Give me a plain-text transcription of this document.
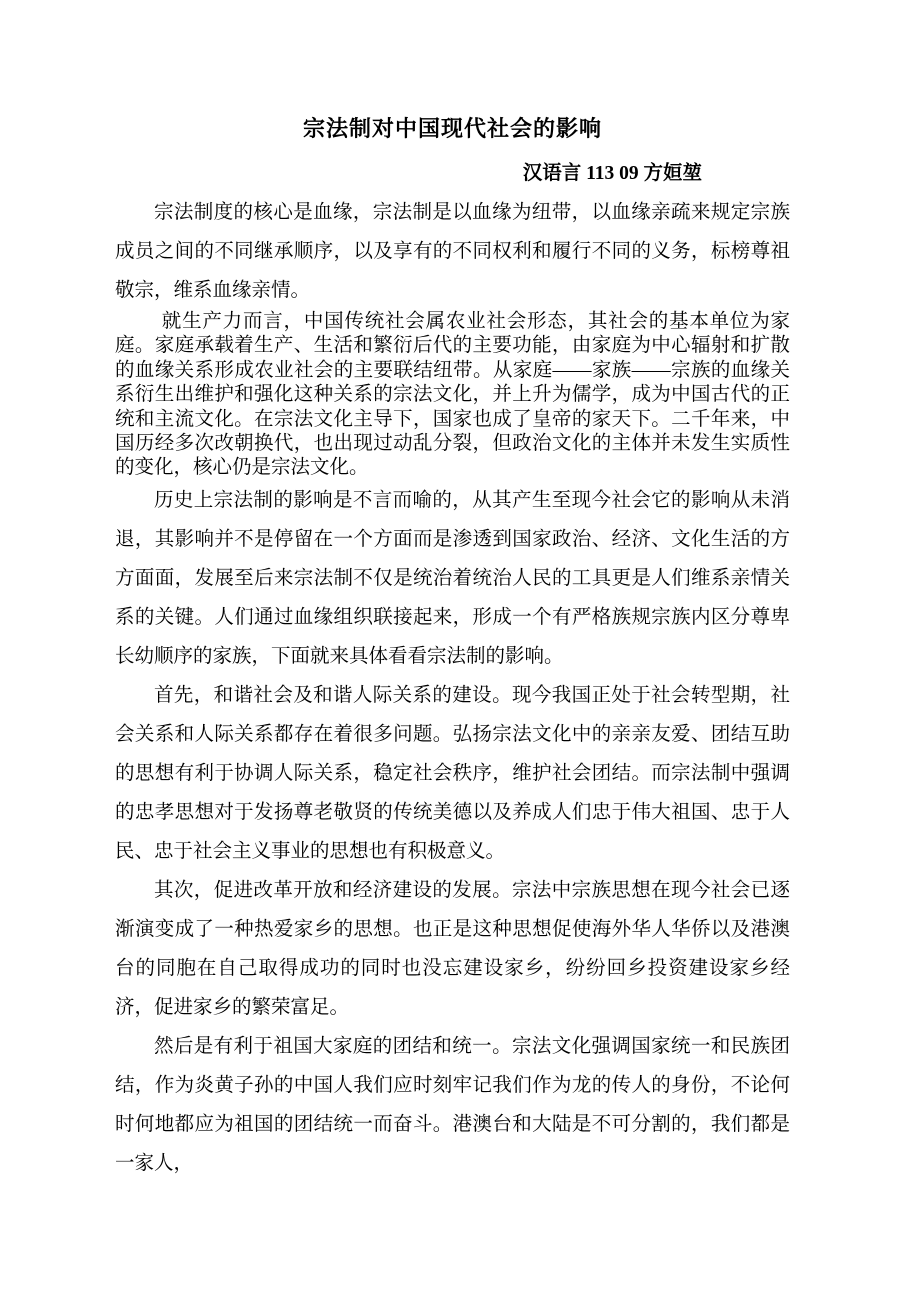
宗法制对中国现代社会的影响
汉语言 113 09 方姮堃

宗法制度的核心是血缘，宗法制是以血缘为纽带，以血缘亲疏来规定宗族成员之间的不同继承顺序，以及享有的不同权利和履行不同的义务，标榜尊祖敬宗，维系血缘亲情。

就生产力而言，中国传统社会属农业社会形态，其社会的基本单位为家庭。家庭承载着生产、生活和繁衍后代的主要功能，由家庭为中心辐射和扩散的血缘关系形成农业社会的主要联结纽带。从家庭——家族——宗族的血缘关系衍生出维护和强化这种关系的宗法文化，并上升为儒学，成为中国古代的正统和主流文化。在宗法文化主导下，国家也成了皇帝的家天下。二千年来，中国历经多次改朝换代，也出现过动乱分裂，但政治文化的主体并未发生实质性的变化，核心仍是宗法文化。

历史上宗法制的影响是不言而喻的，从其产生至现今社会它的影响从未消退，其影响并不是停留在一个方面而是渗透到国家政治、经济、文化生活的方方面面，发展至后来宗法制不仅是统治着统治人民的工具更是人们维系亲情关系的关键。人们通过血缘组织联接起来，形成一个有严格族规宗族内区分尊卑长幼顺序的家族，下面就来具体看看宗法制的影响。

首先，和谐社会及和谐人际关系的建设。现今我国正处于社会转型期，社会关系和人际关系都存在着很多问题。弘扬宗法文化中的亲亲友爱、团结互助的思想有利于协调人际关系，稳定社会秩序，维护社会团结。而宗法制中强调的忠孝思想对于发扬尊老敬贤的传统美德以及养成人们忠于伟大祖国、忠于人民、忠于社会主义事业的思想也有积极意义。

其次，促进改革开放和经济建设的发展。宗法中宗族思想在现今社会已逐渐演变成了一种热爱家乡的思想。也正是这种思想促使海外华人华侨以及港澳台的同胞在自己取得成功的同时也没忘建设家乡，纷纷回乡投资建设家乡经济，促进家乡的繁荣富足。

然后是有利于祖国大家庭的团结和统一。宗法文化强调国家统一和民族团结，作为炎黄子孙的中国人我们应时刻牢记我们作为龙的传人的身份，不论何时何地都应为祖国的团结统一而奋斗。港澳台和大陆是不可分割的，我们都是一家人，
